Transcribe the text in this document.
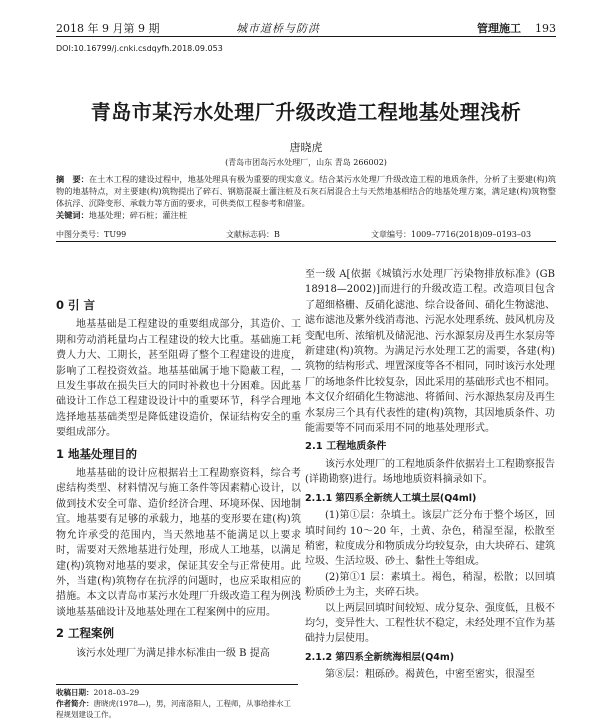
2018 年 9 月第 9 期	城市道桥与防洪	管理施工 193
DOI:10.16799/j.cnki.csdqyfh.2018.09.053
青岛市某污水处理厂升级改造工程地基处理浅析
唐晓虎
(青岛市团岛污水处理厂，山东 青岛 266002)
摘　要：在土木工程的建设过程中，地基处理具有极为重要的现实意义。结合某污水处理厂升级改造工程的地质条件，分析了主要建(构)筑物的地基特点，对主要建(构)筑物提出了碎石、钢筋混凝土灌注桩及石灰石屑混合土与天然地基相结合的地基处理方案，满足建(构)筑物整体抗浮、沉降变形、承载力等方面的要求，可供类似工程参考和借鉴。
关键词：地基处理；碎石桩；灌注桩
中图分类号：TU99	文献标志码：B	文章编号：1009–7716(2018)09–0193–03
0 引 言

地基基础是工程建设的重要组成部分，其造价、工期和劳动消耗量均占工程建设的较大比重。基础施工耗费人力大、工期长，甚至阻碍了整个工程建设的进度，影响了工程投资效益。地基基础属于地下隐蔽工程，一旦发生事故在损失巨大的同时补救也十分困难。因此基础设计工作总工程建设设计中的重要环节，科学合理地选择地基基础类型是降低建设造价，保证结构安全的重要组成部分。

1 地基处理目的

地基基础的设计应根据岩土工程勘察资料，综合考虑结构类型、材料情况与施工条件等因素精心设计，以做到技术安全可靠、造价经济合理、环境环保、因地制宜。地基要有足够的承载力，地基的变形要在建(构)筑物允许承受的范围内，当天然地基不能满足以上要求时，需要对天然地基进行处理，形成人工地基，以满足建(构)筑物对地基的要求，保证其安全与正常使用。此外，当建(构)筑物存在抗浮的问题时，也应采取相应的措施。本文以青岛市某污水处理厂升级改造工程为例浅谈地基基础设计及地基处理在工程案例中的应用。

2 工程案例

该污水处理厂为满足排水标准由一级 B 提高

至一级 A[依据《城镇污水处理厂污染物排放标准》(GB 18918—2002)]而进行的升级改造工程。改造项目包含了超细格栅、反硝化滤池、综合设备间、硝化生物滤池、滤布滤池及紫外线消毒池、污泥水处理系统、鼓风机房及变配电所、浓缩机及储泥池、污水源泵房及再生水泵房等新建建(构)筑物。为满足污水处理工艺的需要，各建(构)筑物的结构形式、埋置深度等各不相同，同时该污水处理厂的场地条件比较复杂，因此采用的基础形式也不相同。本文仅介绍硝化生物滤池、将循间、污水源热泵房及再生水泵房三个具有代表性的建(构)筑物，其因地质条件、功能需要等不同而采用不同的地基处理形式。

2.1 工程地质条件

该污水处理厂的工程地质条件依据岩土工程勘察报告(详勘勘察)进行。场地地质资料摘录如下。

2.1.1 第四系全新统人工填土层(Q4ml)

(1)第①层：杂填土。该层广泛分布于整个场区，回填时间约 10～20 年，土黄、杂色，稍湿至湿，松散至稍密，粒度成分和物质成分均较复杂，由大块碎石、建筑垃圾、生活垃圾、砂土、黏性土等组成。

(2)第①1 层：素填土。褐色，稍湿，松散；以回填粉质砂土为主，夹碎石块。

以上两层回填时间较短、成分复杂、强度低，且极不均匀，变异性大、工程性状不稳定，未经处理不宜作为基础持力层使用。

2.1.2 第四系全新统海相层(Q4m)

第⑧层：粗砾砂。褐黄色，中密至密实，很湿至

收稿日期：2018–03–29
作者简介：唐晓虎(1978—)，男，河南洛阳人，工程师，从事给排水工程规划建设工作。
